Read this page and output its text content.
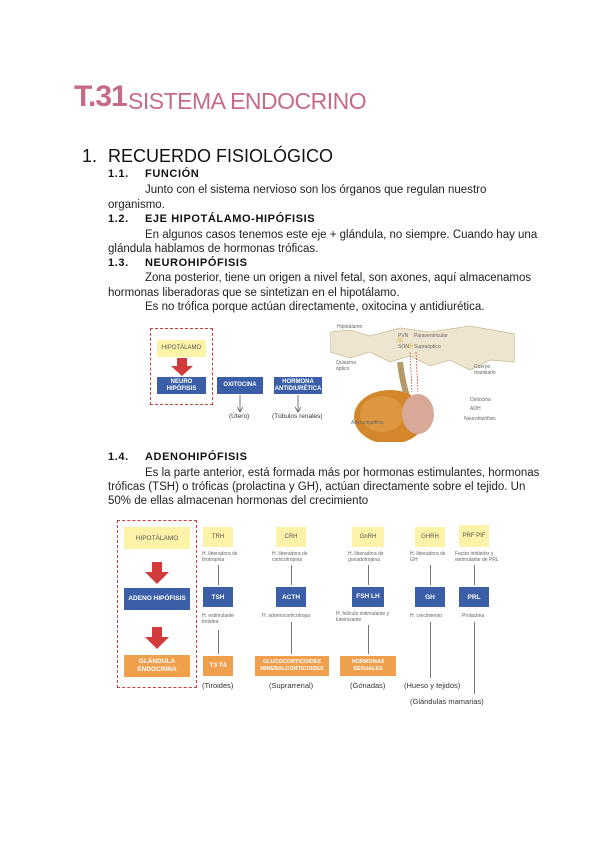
T.31 SISTEMA ENDOCRINO
1. RECUERDO FISIOLÓGICO
1.1. FUNCIÓN
Junto con el sistema nervioso son los órganos que regulan nuestro
organismo.
1.2. EJE HIPOTÁLAMO-HIPÓFISIS
En algunos casos tenemos este eje + glándula, no siempre. Cuando hay una
glándula hablamos de hormonas tróficas.
1.3. NEUROHIPÓFISIS
Zona posterior, tiene un origen a nivel fetal, son axones, aquí almacenamos
hormonas liberadoras que se sintetizan en el hipotálamo.
Es no trófica porque actúan directamente, oxitocina y antidiurética.
HIPOTÁLAMO
NEURO HIPÓFISIS
OXITOCINA
HORMONA ANTIDIURÉTICA
(Útero)	(Túbulos renales)
Hipotálamo
PVN Paraventricular
SON Supraóptico
Quiasma óptico	Cuerpo mamilario
Oxitocina
ADH
Neurohipófisis
Adenohipófisis
1.4. ADENOHIPÓFISIS
Es la parte anterior, está formada más por hormonas estimulantes, hormonas
tróficas (TSH) o tróficas (prolactina y GH), actúan directamente sobre el tejido. Un
50% de ellas almacenan hormonas del crecimiento
HIPOTÁLAMO
ADENO HIPÓFISIS
GLÁNDULA ENDOCRINA
TRH
H. liberadora de tirotropina
TSH
H. estimulante tiroidea
T3 T4
(Tiroides)
CRH
H. liberadora de corticotropina
ACTH
H. adrenocorticotropa
GLUCOCORTICOIDES MINERALCORTICOIDES
(Suprarrenal)
GnRH
H. liberadora de gonadotropina
FSH LH
H. folículo estimulante y luteinizante
HORMONAS SEXUALES
(Gónadas)
GHRH
H. liberadora de GH
GH
H. crecimiento
(Hueso y tejidos)
PRF PIF
Factor inhibidor y estimulante de PRL
PRL
Prolactina
(Glándulas mamarias)
